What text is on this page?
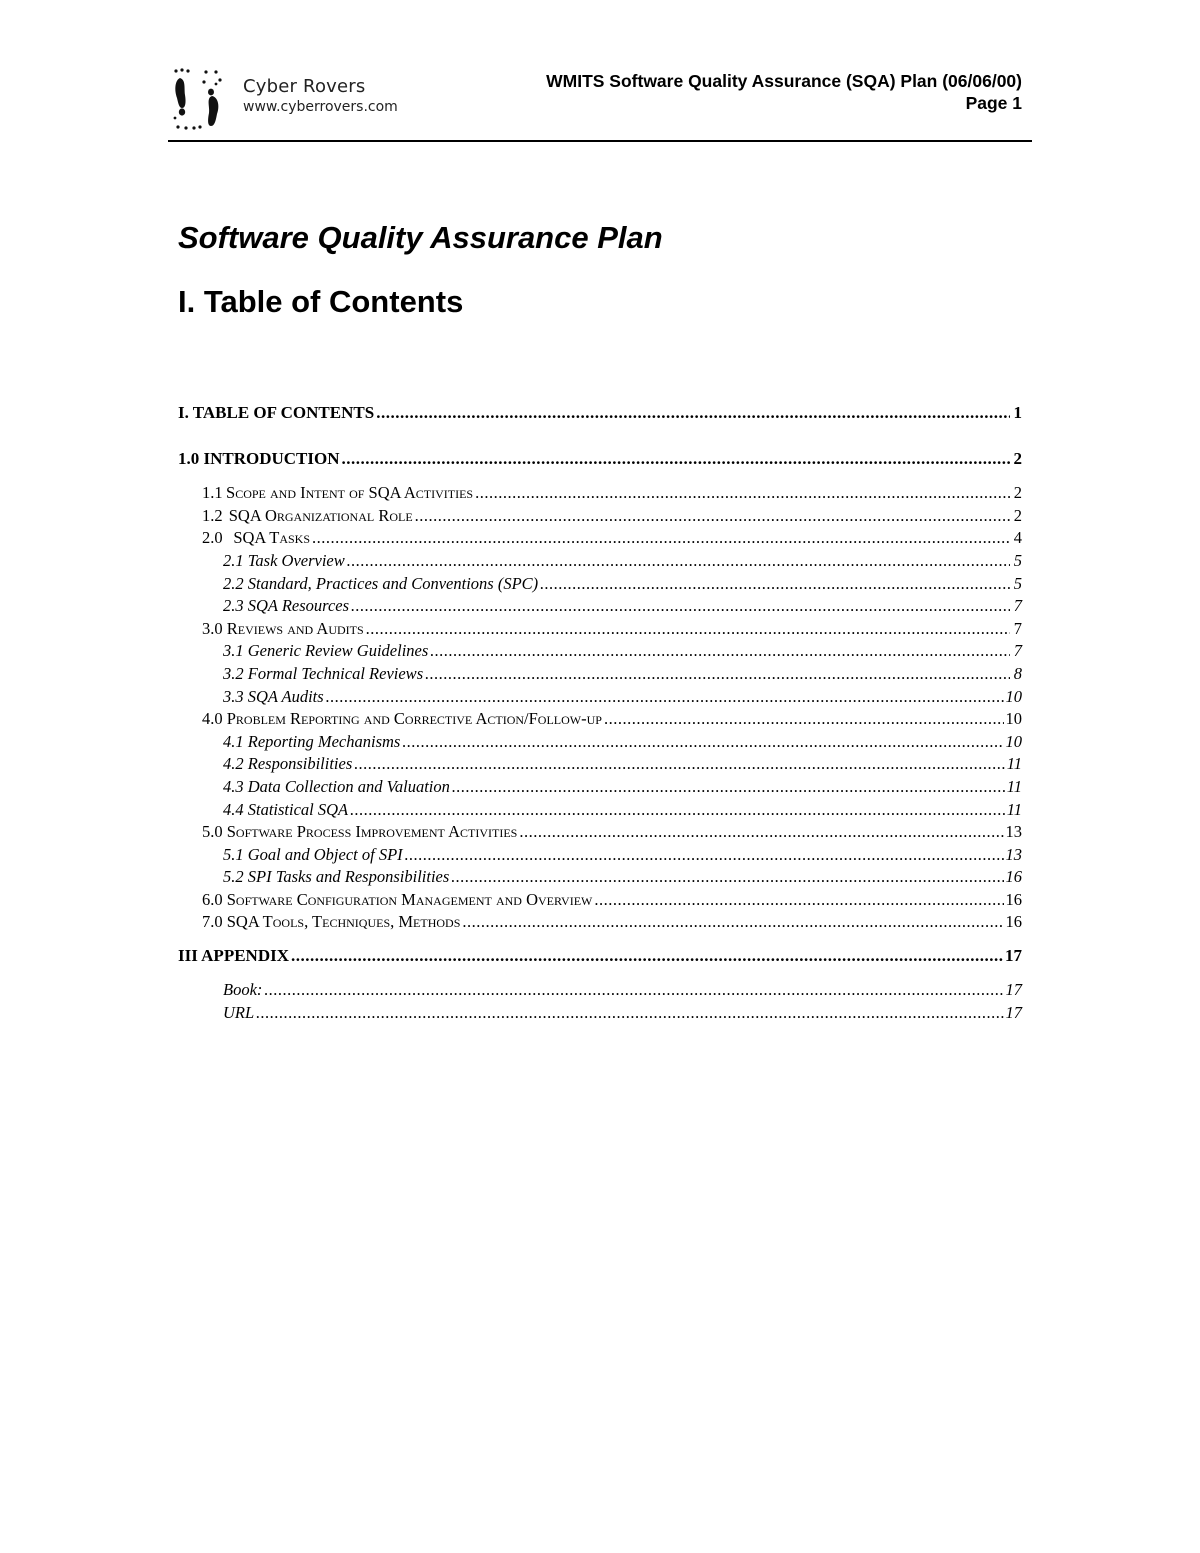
Cyber Rovers
www.cyberrovers.com
WMITS Software Quality Assurance (SQA) Plan (06/06/00)
Page 1
Software Quality Assurance Plan
I. Table of Contents
I. TABLE OF CONTENTS .....	1
1.0 INTRODUCTION .....	2
1.1 Scope and Intent of SQA Activities .....	2
1.2 SQA Organizational Role .....	2
2.0 SQA Tasks .....	4
2.1 Task Overview .....	5
2.2 Standard, Practices and Conventions (SPC) .....	5
2.3 SQA Resources .....	7
3.0 Reviews and Audits .....	7
3.1 Generic Review Guidelines .....	7
3.2 Formal Technical Reviews .....	8
3.3 SQA Audits .....	10
4.0 Problem Reporting and Corrective Action/Follow-up .....	10
4.1 Reporting Mechanisms .....	10
4.2 Responsibilities .....	11
4.3 Data Collection and Valuation .....	11
4.4 Statistical SQA .....	11
5.0 Software Process Improvement Activities .....	13
5.1 Goal and Object of SPI .....	13
5.2 SPI Tasks and Responsibilities .....	16
6.0 Software Configuration Management and Overview .....	16
7.0 SQA Tools, Techniques, Methods .....	16
III APPENDIX .....	17
Book: .....	17
URL .....	17
